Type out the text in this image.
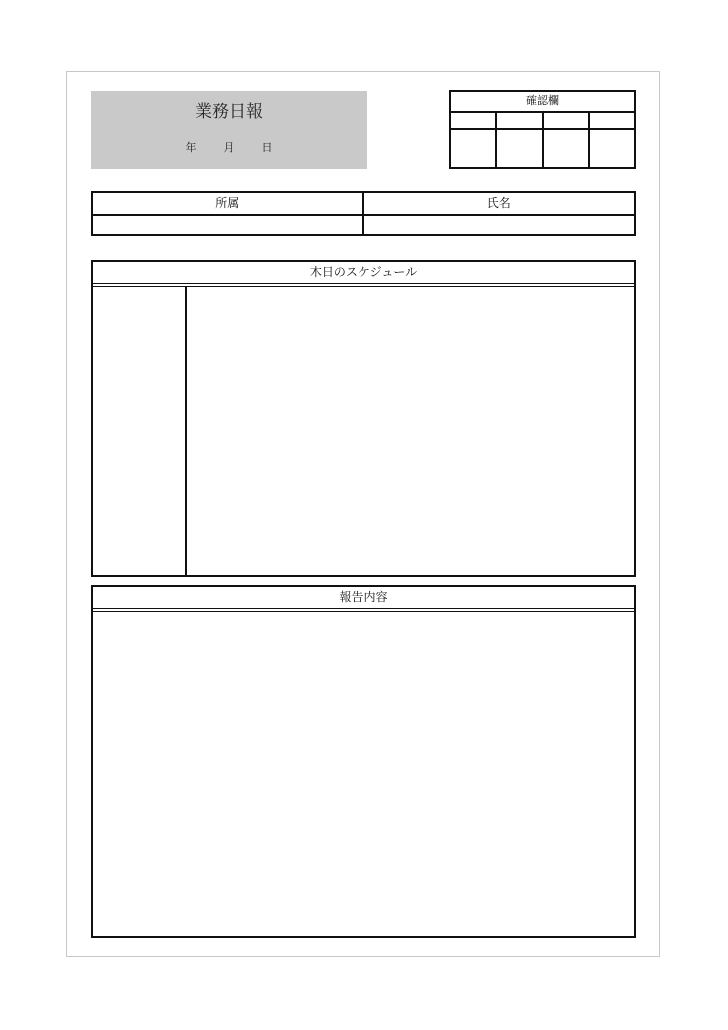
業務日報
年	月	日
確認欄
所属	氏名
木日のスケジュール
報告内容
